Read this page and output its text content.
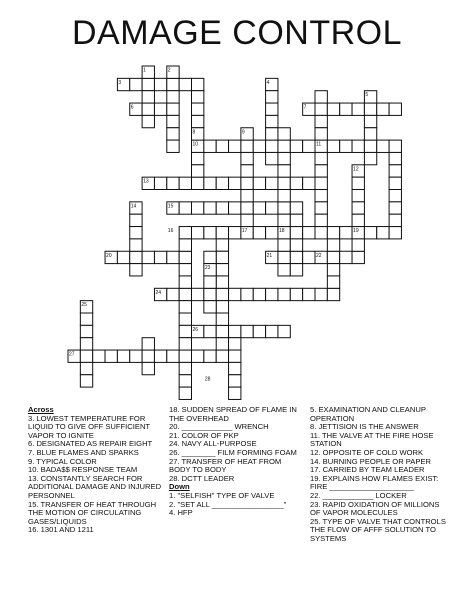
DAMAGE CONTROL
1	2
3	4
5
6	7
8	9
10	11
12
13
14	15
16	17	18	19
20	21	22
23
24
25
26
27
28
Across
3. LOWEST TEMPERATURE FOR LIQUID TO GIVE OFF SUFFICIENT VAPOR TO IGNITE
6. DESIGNATED AS REPAIR EIGHT
7. BLUE FLAMES AND SPARKS
9. TYPICAL COLOR
10. BADA$$ RESPONSE TEAM
13. CONSTANTLY SEARCH FOR ADDITIONAL DAMAGE AND INJURED PERSONNEL
15. TRANSFER OF HEAT THROUGH THE MOTION OF CIRCULATING GASES/LIQUIDS
16. 1301 AND 1211
18. SUDDEN SPREAD OF FLAME IN THE OVERHEAD
20. ____________ WRENCH
21. COLOR OF PKP
24. NAVY ALL-PURPOSE
26. ________ FILM FORMING FOAM
27. TRANSFER OF HEAT FROM BODY TO BODY
28. DCTT LEADER
Down
1. "SELFISH" TYPE OF VALVE
2. "SET ALL _________________"
4. HFP
5. EXAMINATION AND CLEANUP OPERATION
8. JETTISION IS THE ANSWER
11. THE VALVE AT THE FIRE HOSE STATION
12. OPPOSITE OF COLD WORK
14. BURNING PEOPLE OR PAPER
17. CARRIED BY TEAM LEADER
19. EXPLAINS HOW FLAMES EXIST: FIRE ____________________
22. ____________ LOCKER
23. RAPID OXIDATION OF MILLIONS OF VAPOR MOLECULES
25. TYPE OF VALVE THAT CONTROLS THE FLOW OF AFFF SOLUTION TO SYSTEMS
